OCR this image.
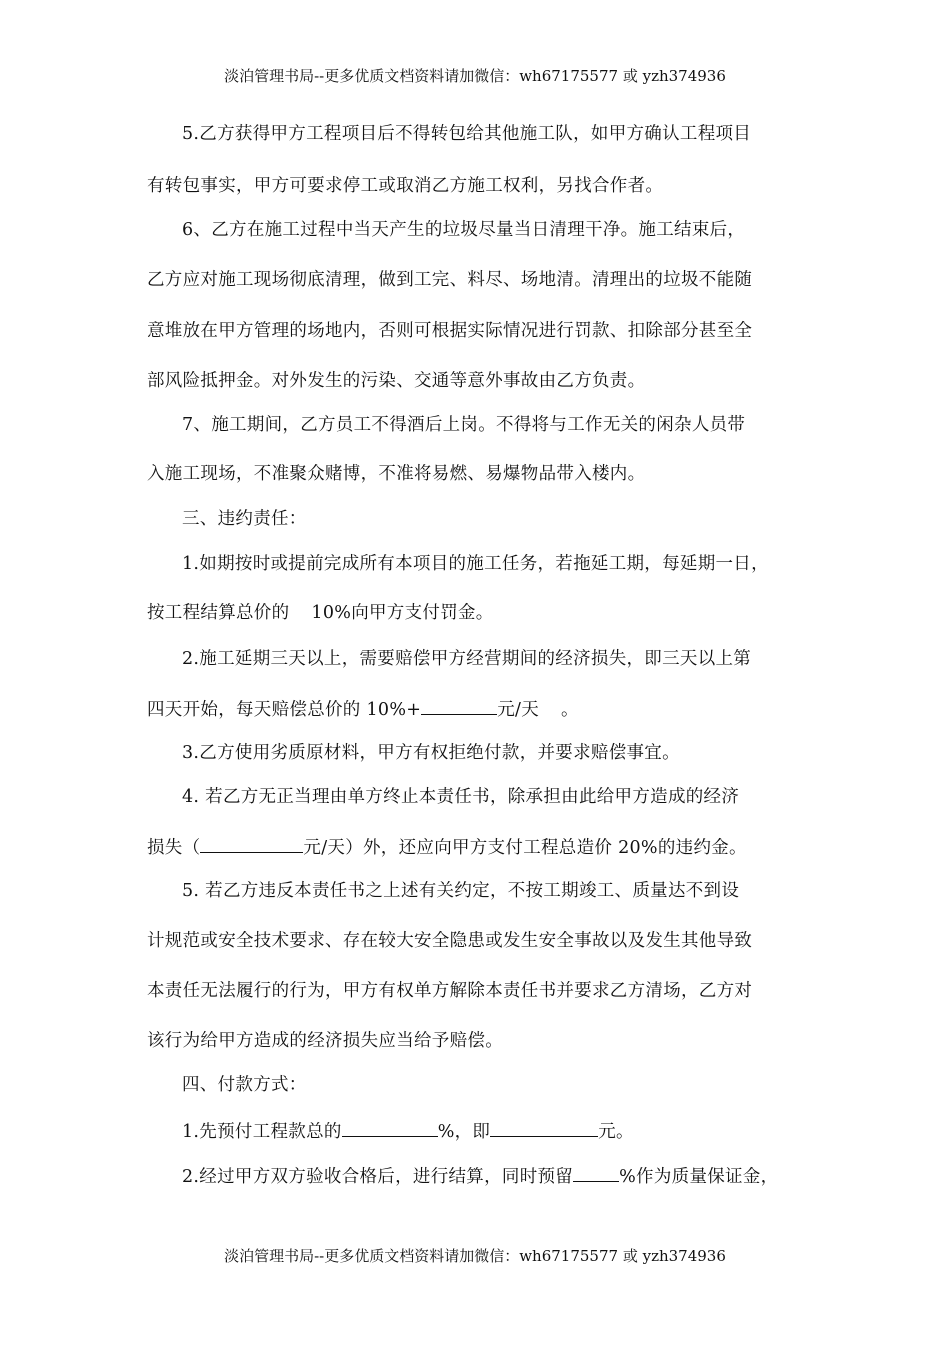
淡泊管理书局--更多优质文档资料请加微信：wh67175577 或 yzh374936
5.乙方获得甲方工程项目后不得转包给其他施工队，如甲方确认工程项目
有转包事实，甲方可要求停工或取消乙方施工权利，另找合作者。
6、乙方在施工过程中当天产生的垃圾尽量当日清理干净。施工结束后，
乙方应对施工现场彻底清理，做到工完、料尽、场地清。清理出的垃圾不能随
意堆放在甲方管理的场地内，否则可根据实际情况进行罚款、扣除部分甚至全
部风险抵押金。对外发生的污染、交通等意外事故由乙方负责。
7、施工期间，乙方员工不得酒后上岗。不得将与工作无关的闲杂人员带
入施工现场，不准聚众赌博，不准将易燃、易爆物品带入楼内。
三、违约责任：
1.如期按时或提前完成所有本项目的施工任务，若拖延工期，每延期一日，
按工程结算总价的 10%向甲方支付罚金。
2.施工延期三天以上，需要赔偿甲方经营期间的经济损失，即三天以上第
四天开始，每天赔偿总价的 10%+	元/天 。
3.乙方使用劣质原材料，甲方有权拒绝付款，并要求赔偿事宜。
4. 若乙方无正当理由单方终止本责任书，除承担由此给甲方造成的经济
损失（	元/天）外，还应向甲方支付工程总造价 20%的违约金。
5. 若乙方违反本责任书之上述有关约定，不按工期竣工、质量达不到设
计规范或安全技术要求、存在较大安全隐患或发生安全事故以及发生其他导致
本责任无法履行的行为，甲方有权单方解除本责任书并要求乙方清场，乙方对
该行为给甲方造成的经济损失应当给予赔偿。
四、付款方式：
1.先预付工程款总的	%，即	元。
2.经过甲方双方验收合格后，进行结算，同时预留	%作为质量保证金，
淡泊管理书局--更多优质文档资料请加微信：wh67175577 或 yzh374936
